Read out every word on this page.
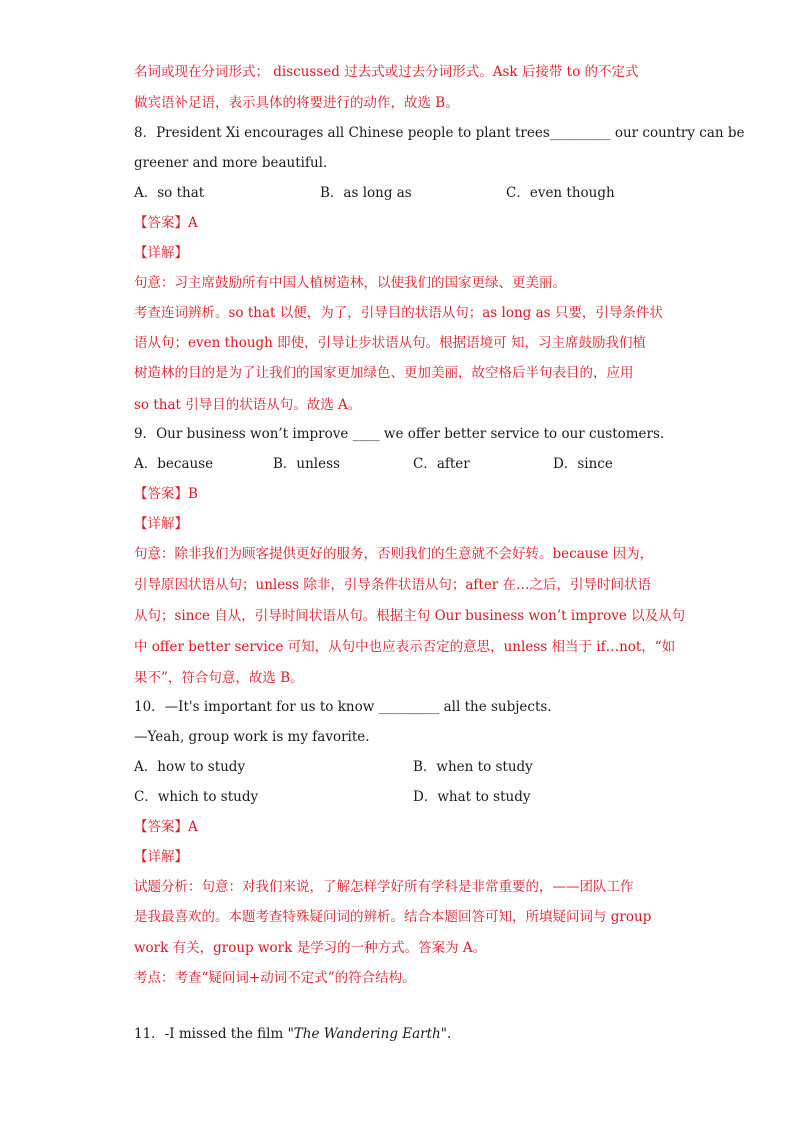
名词或现在分词形式； discussed 过去式或过去分词形式。Ask 后接带 to 的不定式
做宾语补足语，表示具体的将要进行的动作，故选 B。
8．President Xi encourages all Chinese people to plant trees_________ our country can be
greener and more beautiful.
A．so that	B．as long as	C．even though
【答案】A
【详解】
句意：习主席鼓励所有中国人植树造林，以使我们的国家更绿、更美丽。
考查连词辨析。so that 以便，为了，引导目的状语从句；as long as 只要，引导条件状
语从句；even though 即使，引导让步状语从句。根据语境可 知，习主席鼓励我们植
树造林的目的是为了让我们的国家更加绿色、更加美丽，故空格后半句表目的，应用
so that 引导目的状语从句。故选 A。
9．Our business won’t improve ____ we offer better service to our customers.
A．because	B．unless	C．after	D．since
【答案】B
【详解】
句意：除非我们为顾客提供更好的服务，否则我们的生意就不会好转。because 因为，
引导原因状语从句；unless 除非，引导条件状语从句；after 在…之后，引导时间状语
从句；since 自从，引导时间状语从句。根据主句 Our business won’t improve 以及从句
中 offer better service 可知，从句中也应表示否定的意思，unless 相当于 if…not，“如
果不”，符合句意，故选 B。
10．—It's important for us to know _________ all the subjects.
—Yeah, group work is my favorite.
A．how to study	B．when to study
C．which to study	D．what to study
【答案】A
【详解】
试题分析：句意：对我们来说，了解怎样学好所有学科是非常重要的，——团队工作
是我最喜欢的。本题考查特殊疑问词的辨析。结合本题回答可知，所填疑问词与 group
work 有关，group work 是学习的一种方式。答案为 A。
考点：考查“疑问词+动词不定式”的符合结构。
11．-I missed the film "The Wandering Earth".
